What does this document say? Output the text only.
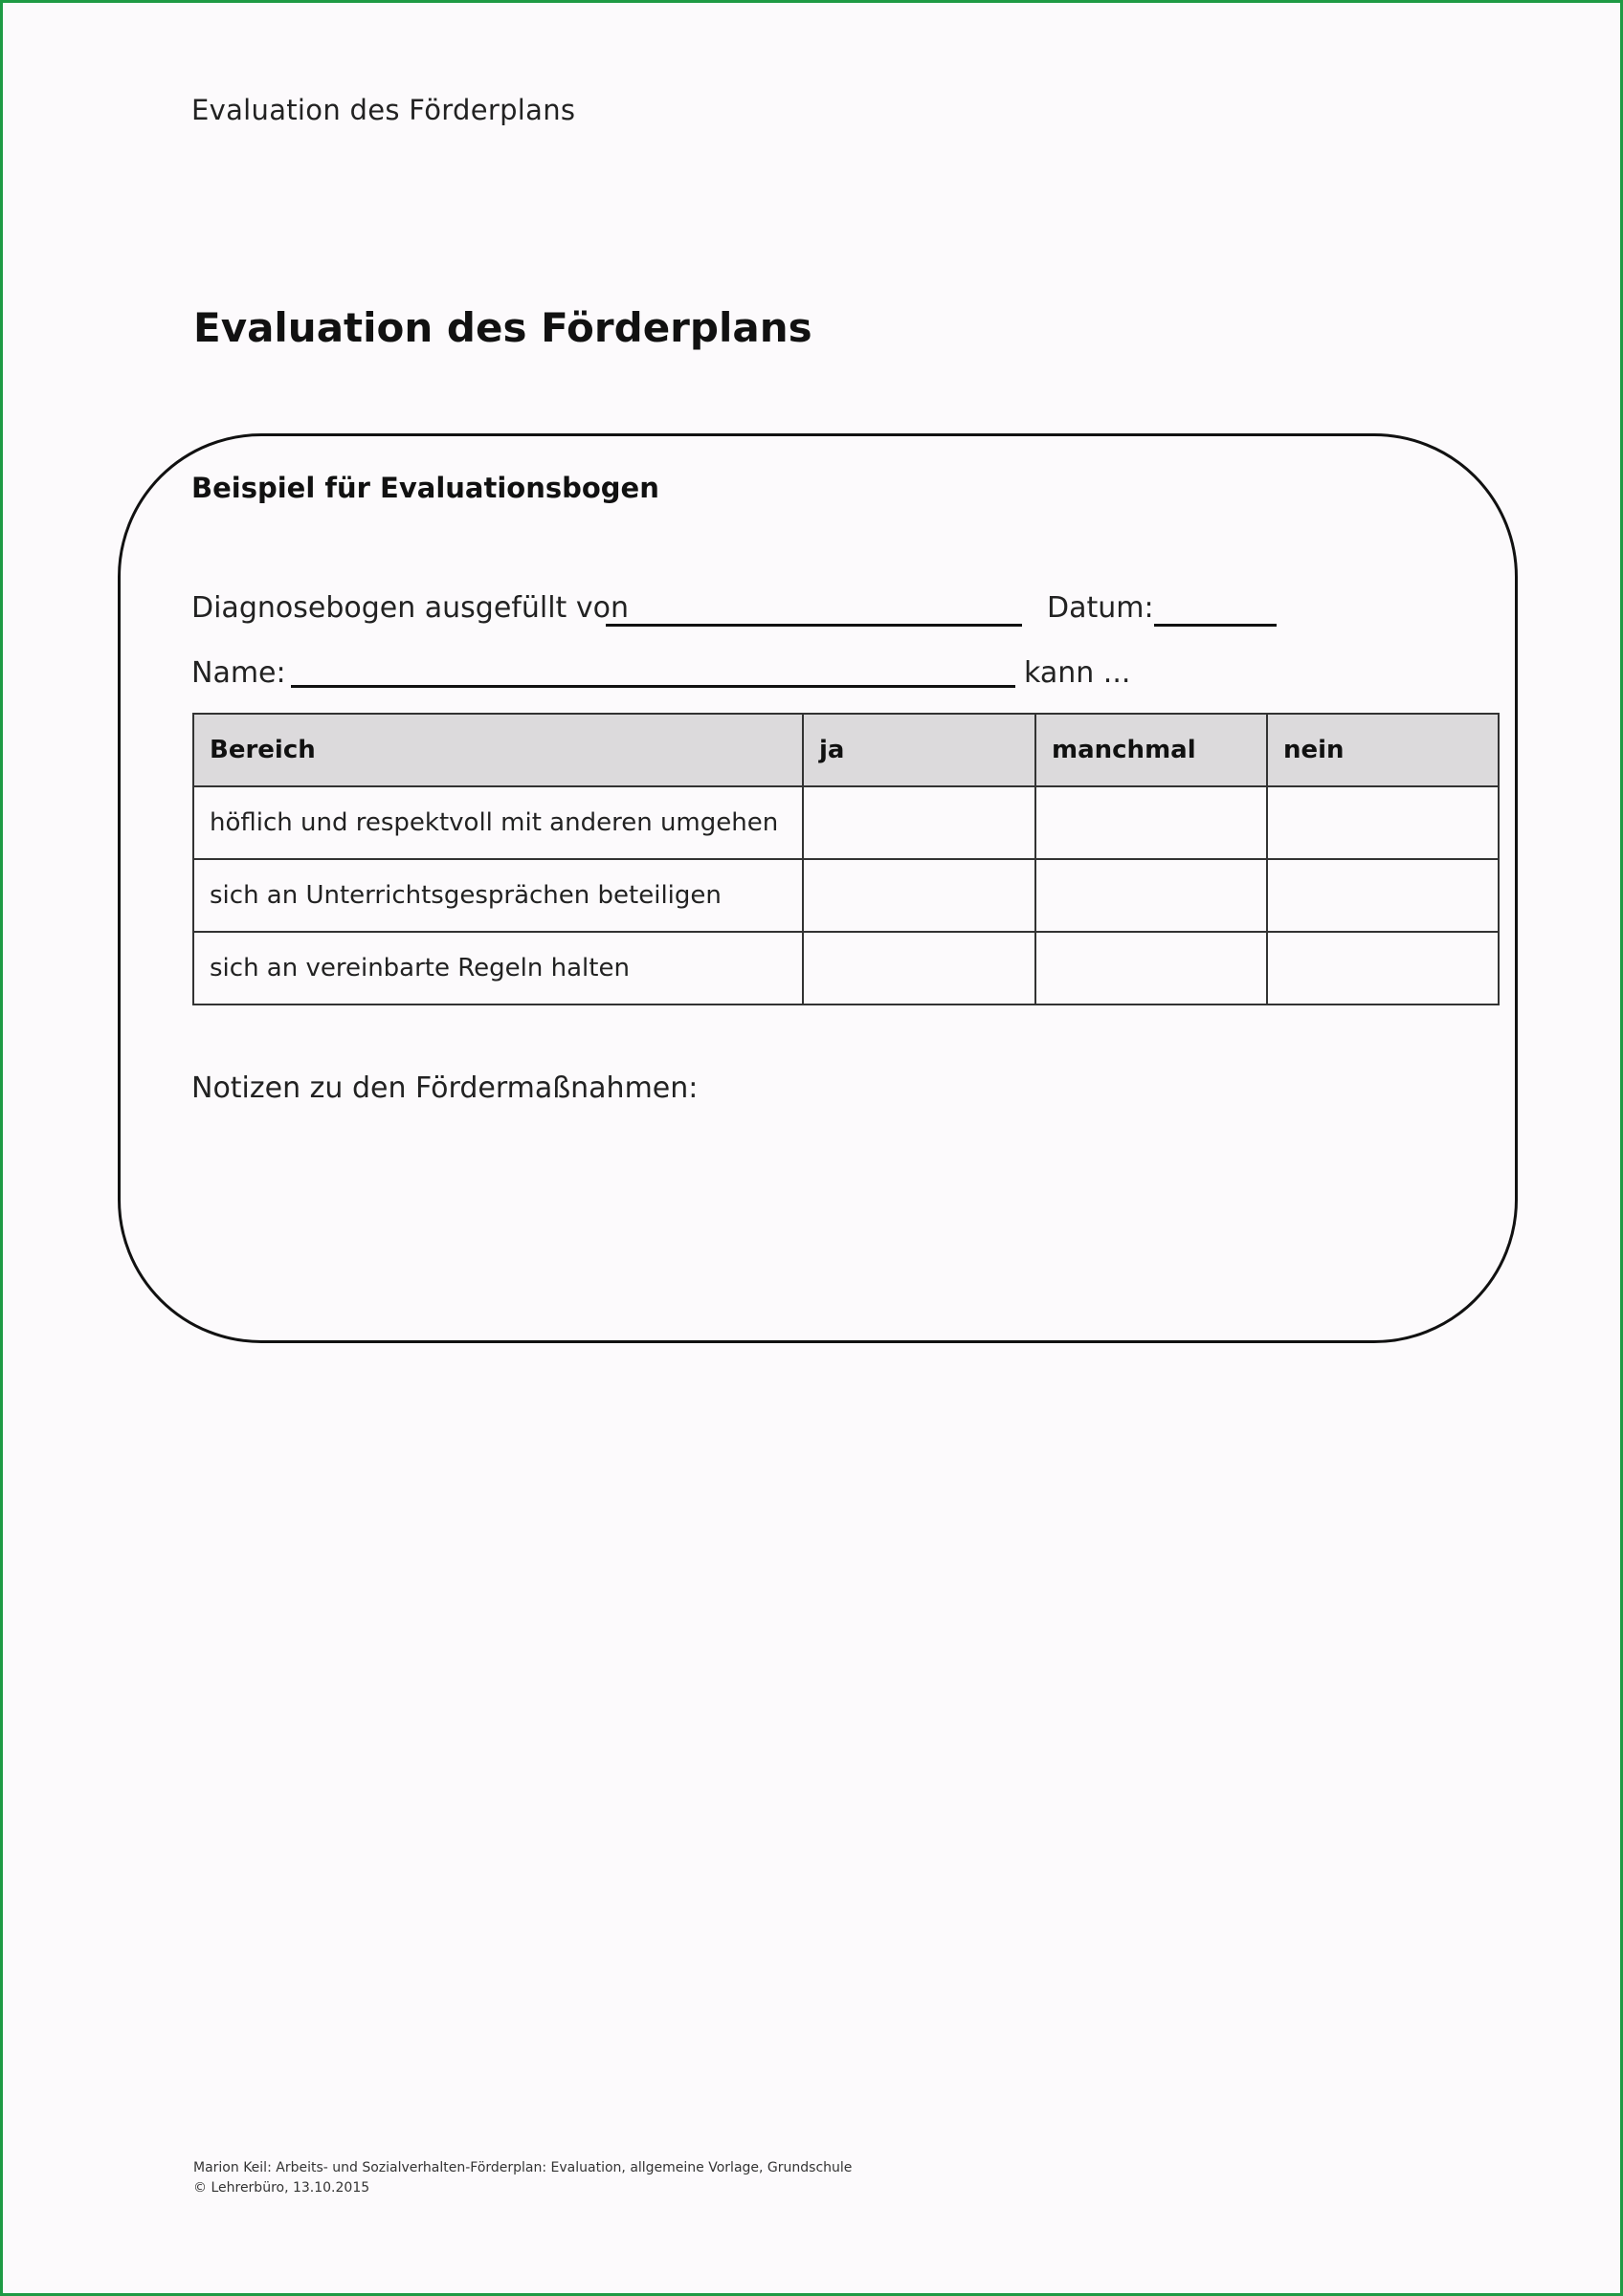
Evaluation des Förderplans
Evaluation des Förderplans
Beispiel für Evaluationsbogen
Diagnosebogen ausgefüllt von	Datum:
Name:	kann ...
Bereich	ja	manchmal	nein
höflich und respektvoll mit anderen umgehen			
sich an Unterrichtsgesprächen beteiligen			
sich an vereinbarte Regeln halten			
Notizen zu den Fördermaßnahmen:
Marion Keil: Arbeits- und Sozialverhalten-Förderplan: Evaluation, allgemeine Vorlage, Grundschule
© Lehrerbüro, 13.10.2015
